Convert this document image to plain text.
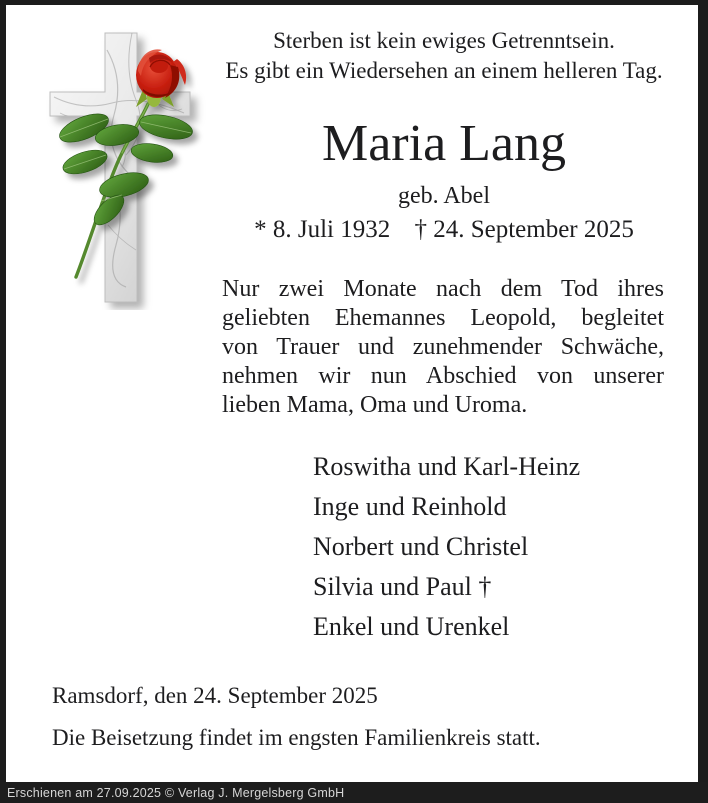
Sterben ist kein ewiges Getrenntsein.
Es gibt ein Wiedersehen an einem helleren Tag.
Maria Lang
geb. Abel
* 8. Juli 1932 † 24. September 2025
Nur zwei Monate nach dem Tod ihres
geliebten Ehemannes Leopold, begleitet
von Trauer und zunehmender Schwäche,
nehmen wir nun Abschied von unserer
lieben Mama, Oma und Uroma.
Roswitha und Karl-Heinz
Inge und Reinhold
Norbert und Christel
Silvia und Paul †
Enkel und Urenkel
Ramsdorf, den 24. September 2025
Die Beisetzung findet im engsten Familienkreis statt.
Erschienen am 27.09.2025 © Verlag J. Mergelsberg GmbH
